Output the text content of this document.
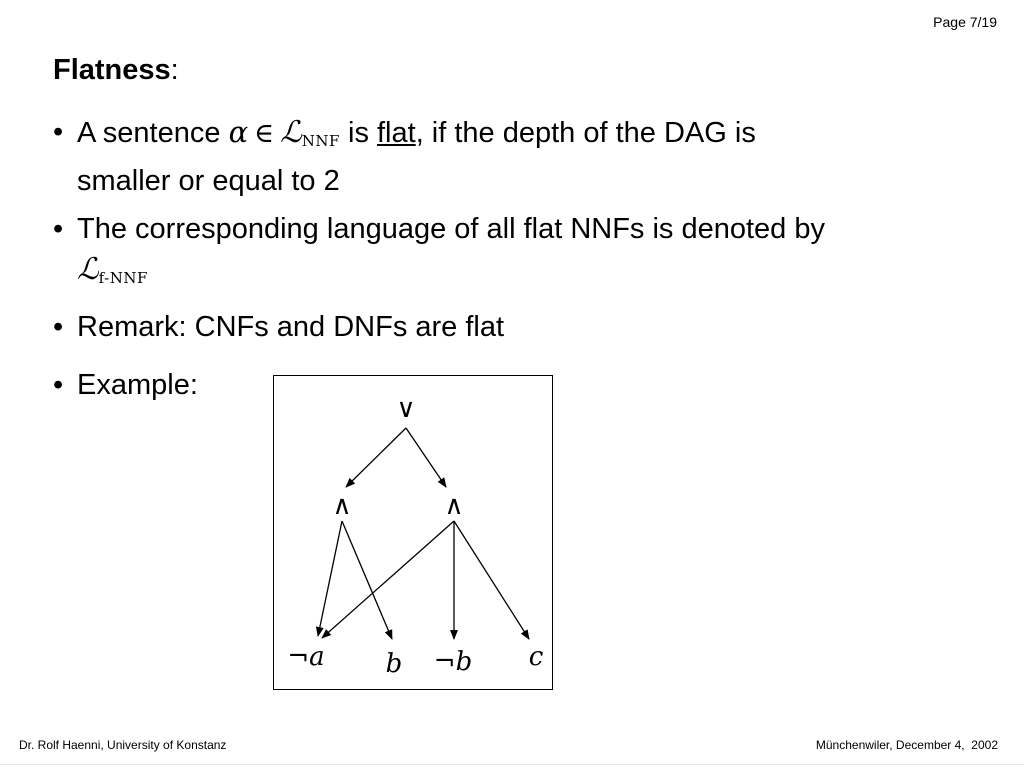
Page 7/19
Flatness:
• A sentence α ∈ ℒ$_{NNF}$ is flat, if the depth of the DAG is
smaller or equal to 2
• The corresponding language of all flat NNFs is denoted by
ℒ$_{f-NNF}$
• Remark: CNFs and DNFs are flat
• Example:
∨
∧	∧
¬a b ¬b c
Dr. Rolf Haenni, University of Konstanz	Münchenwiler, December 4,  2002
